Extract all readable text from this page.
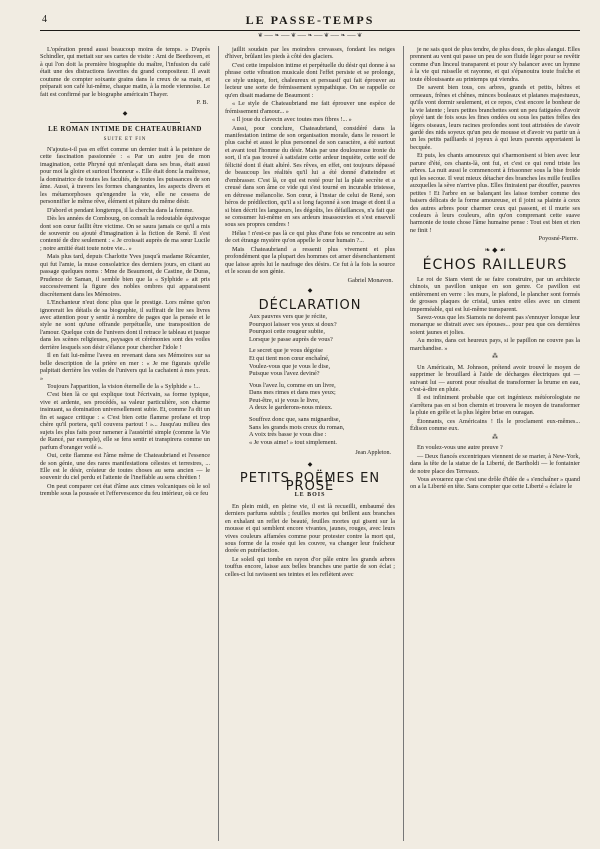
4	LE PASSE-TEMPS
❦ ── ❧ ── ❦ ── ❧ ── ❦ ── ❧ ── ❦

L'opération prend aussi beaucoup moins de temps. » D'après Schindler, qui mettait sur ses cartes de visite : Ami de Beethoven, et à qui l'on doit la première biographie du maître, l'infusion du café était une des distractions favorites du grand compositeur. Il avait coutume de compter soixante grains dans le creux de sa main, et préparait son café lui-même, chaque matin, à la mode viennoise. Le fait est confirmé par le biographe américain Thayer.

P. B.
◆
LE ROMAN INTIME DE CHATEAUBRIAND
SUITE ET FIN

N'ajouta-t-il pas en effet comme un dernier trait à la peinture de cette fascination passionnée : « Par un autre jeu de mon imagination, cette Phryné qui m'enlaçait dans ses bras, était aussi pour moi la gloire et surtout l'honneur ». Elle était donc la maîtresse, la dominatrice de toutes les facultés, de toutes les puissances de son âme. Aussi, à travers les formes changeantes, les aspects divers et les métamorphoses qu'engendre la vie, elle ne cessera de personnifier le même rêve, élément et pâture du même désir.

D'abord et pendant longtemps, il la chercha dans la femme.

Dès les années de Combourg, on connaît la redoutable équivoque dont son cœur faillit être victime. On se saura jamais ce qu'il a mis de souvenir ou ajouté d'imagination à la fiction de René. Il s'est contenté de dire seulement : « Je croissait auprès de ma sœur Lucile ; notre amitié était toute notre vie... »

Mais plus tard, depuis Charlotte Yves jusqu'à madame Récamier, qui fut l'amie, la muse consolatrice des derniers jours, en citant au passage quelques noms : Mme de Beaumont, de Castine, de Duras, Prudence de Saman, il semble bien que la « Sylphide » ait pris successivement la figure des nobles ombres qui apparaissent discrètement dans les Mémoires.

L'Enchanteur n'eut donc plus que le prestige. Lors même qu'on ignorerait les détails de sa biographie, il suffirait de lire ses livres avec attention pour y sentir à nombre de pages que la pensée et le style ne sont qu'une offrande perpétuelle, une transposition de l'amour. Quelque coin de l'univers dont il retrace le tableau et jusque dans les scènes religieuses, paysages et cérémonies sont des voiles derrière lesquels son désir s'élance pour chercher l'idole !

Il en fait lui-même l'aveu en revenant dans ses Mémoires sur sa belle description de la prière en mer : « Je me figurais qu'elle palpitait derrière les voiles de l'univers qui la cachaient à mes yeux. »

Toujours l'apparition, la vision éternelle de la « Sylphide » !...

C'est bien là ce qui explique tout l'écrivain, sa forme typique, vive et ardente, ses procédés, sa valeur particulière, son charme insinuant, sa domination universellement subie. Et, comme l'a dit un fin et sagace critique : « C'est bien cette flamme profane et trop chère qu'il portera, qu'il couvera partout ! »... Jusqu'au milieu des sujets les plus faits pour ramener à l'austérité simple (comme la Vie de Rancé, par exemple), elle se fera sentir et transpirera comme un parfum d'oranger voilé ».

Oui, cette flamme est l'âme même de Chateaubriand et l'essence de son génie, une des rares manifestations célestes et terrestres, ... Elle est le désir, créateur de toutes choses au sens ancien — le souvenir du ciel perdu et l'attente de l'ineffable au sens chrétien !

On peut comparer cet état d'âme aux cimes volcaniques où le sol tremble sous la poussée et l'effervescence du feu intérieur, où ce feu

jaillit soudain par les moindres crevasses, fondant les neiges d'hiver, brûlant les pieds à côté des glaciers.

C'est cette impulsion intime et perpétuelle du désir qui donne à sa phrase cette vibration musicale dont l'effet persiste et se prolonge, ce style unique, fort, chaleureux et persuasif qui fait éprouver au lecteur une sorte de frémissement sympathique. On se rappelle ce qu'en disait madame de Beaumont :

« Le style de Chateaubriand me fait éprouver une espèce de frémissement d'amour... »

« Il joue du clavecin avec toutes mes fibres !... »

Aussi, pour conclure, Chateaubriand, considéré dans la manifestation intime de son organisation morale, dans le ressort le plus caché et aussi le plus personnel de son caractère, a été surtout et avant tout l'homme du désir. Mais par une douloureuse ironie du sort, il n'a pas trouvé à satisfaire cette ardeur inquiète, cette soif de félicité dont il était altéré. Ses rêves, en effet, ont toujours dépassé de beaucoup les réalités qu'il lui a été donné d'atteindre et d'embrasser. C'est là, ce qui est resté pour lui la plaie secrète et a creusé dans son âme ce vide qui s'est tourné en incurable tristesse, en détresse mélancolie. Son cœur, à l'instar de celui de René, son héros de prédilection, qu'il a si long façonné à son image et dont il a si bien décrit les langueurs, les dégoûts, les défaillances, n'a fait que se consumer lui-même en ses ardeurs insassouvies et s'est ensevelí sous ses propres cendres !

Hélas ! n'est-ce pas là ce qui plus d'une fois se rencontre au sein de cet étrange mystère qu'on appelle le cœur humain ?...

Mais Chateaubriand a ressenti plus vivement et plus profondément que la plupart des hommes cet amer désenchantement que laisse après lui le naufrage des désirs. Ce fut à la fois la source et le sceau de son génie.

Gabriel Monavon.
◆
DÉCLARATION
Aux pauvres vers que je récite,
Pourquoi laisser vos yeux si doux?
Pourquoi cette rougeur subite,
Lorsque je passe auprès de vous?
Le secret que je vous dégoise
Et qui tient mon cœur enchaîné,
Voulez-vous que je vous le dise,
Puisque vous l'avez deviné?
Vous l'avez lu, comme en un livre,
Dans mes rimes et dans mes yeux;
Peut-être, si je vous le livre,
A deux le garderons-nous mieux.
Souffrez donc que, sans mignardise,
Sans les grands mots creux du roman,
A voix très basse je vous dise :
« Je vous aime! » tout simplement.
Jean Appleton.
◆
PETITS POËMES EN PROSE
LE BOIS

En plein midi, en pleine vie, il est là recueilli, embaumé des derniers parfums subtils ; feuilles mortes qui brillent aux branches en exhalant un reflet de beauté, feuilles mortes qui gisent sur la mousse et qui semblent encore vivantes, jaunes, rouges, avec leurs vives couleurs affamées comme pour protester contre la mort qui, sous forme de la rosée qui les couvre, va changer leur fraîcheur dorée en putréfaction.

Le soleil qui tombe en rayon d'or pâle entre les grands arbres touffus encore, laisse aux belles branches une partie de son éclat ; celles-ci lui ravissent ses teintes et les reflètent avec

je ne sais quoi de plus tendre, de plus doux, de plus alangui. Elles prennent au vent qui passe un peu de son fluide léger pour se revêtir comme d'un linceul transparent et pour s'y balancer avec un hymne à la vie qui ruisselle et rayonne, et qui s'épanouira toute fraîche et toute éblouissante au printemps qui viendra.

De savent bien tous, ces arbres, grands et petits, hêtres et ormeaux, frênes et chênes, minces bouleaux et platanes majestueux, qu'ils vont dormir seulement, et ce repos, c'est encore le bonheur de la vie latente ; leurs petites branchettes sont un peu fatiguées d'avoir ployé tant de fois sous les fines ondées ou sous les pattes frêles des légers oiseaux, leurs racines profondes sont tout attristées de s'avoir gardé des nids soyeux qu'un peu de mousse et d'avoir vu partir un à un les petits pailliards si joyeux à qui leurs parents apportaient la becquée.

Et puis, les chants amoureux qui s'harmonisent si bien avec leur parure d'été, ces chants-là, ont fui, et c'est ce qui rend triste les arbres. La nuit aussi le commencent à frissonner sous la bise froide qui les secoue. Il veut mieux détacher des branches les mille feuilles auxquelles la sève n'arrive plus. Elles finiraient par étouffer, pauvres petites ! Et l'arbre en se balançant les laisse tomber comme des baisers délicats de la forme amoureuse, et il joint sa plainte à ceux des autres arbres pour charmer ceux qui passent, et il murie ses couleurs à leurs couleurs, afin qu'on comprenant cette suave harmonie de toute chose l'âme humaine pense : Tout est bien et rien ne finit !

Poyosné-Pierre.
❧ ◆ ☙
ÉCHOS RAILLEURS

Le roi de Siam vient de se faire construire, par un architecte chinois, un pavillon unique en son genre. Ce pavillon est entièrement en verre : les murs, le plafond, le plancher sont formés de grosses plaques de cristal, unies entre elles avec un ciment imperméable, qui est lui-même transparent.

Savez-vous que les Siamois ne doivent pas s'ennuyer lorsque leur monarque se distrait avec ses épouses... pour peu que ces dernières soient jaunes et jolies.

Au moins, dans cet heureux pays, si le papillon ne couvre pas la marchandise. »

⁂

Un Américain, M. Johnson, prétend avoir trouvé le moyen de supprimer le brouillard à l'aide de décharges électriques qui — suivant lui — auront pour résultat de transformer la brume en eau, c'est-à-dire en pluie.

Il est infiniment probable que cet ingénieux météorologiste ne s'arrêtera pas en si bon chemin et trouvera le moyen de transformer la pluie en grêle et la plus légère brise en ouragan.

Étonnants, ces Américains ! Ils le proclament eux-mêmes... Édison comme eux.

⁂

En voulez-vous une autre preuve ?

— Deux fiancés excentriques viennent de se marier, à New-York, dans la tête de la statue de la Liberté, de Bartholdi — le fontainier de notre place des Terreaux.

Vous avouerez que c'est une drôle d'idée de « s'enchaîner » quand on a la Liberté en tête. Sans compter que cette Liberté « éclaire le
